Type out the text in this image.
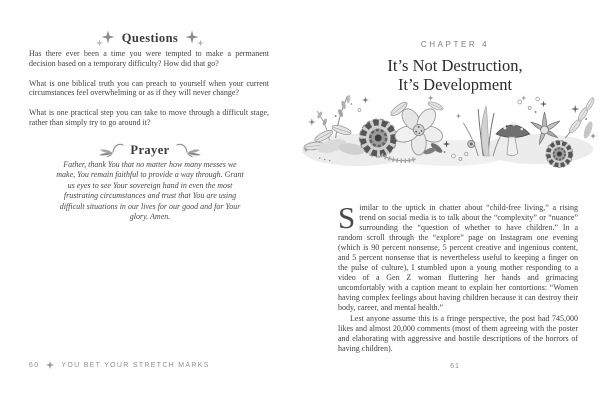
Questions

Has there ever been a time you were tempted to make a permanent decision based on a temporary difficulty? How did that go?

What is one biblical truth you can preach to yourself when your current circumstances feel overwhelming or as if they will never change?

What is one practical step you can take to move through a difficult stage, rather than simply try to go around it?

Prayer

Father, thank You that no matter how many messes we make, You remain faithful to provide a way through. Grant us eyes to see Your sovereign hand in even the most frustrating circumstances and trust that You are using difficult situations in our lives for our good and for Your glory. Amen.

60	YOU BET YOUR STRETCH MARKS
CHAPTER 4
It’s Not Destruction,
It’s Development

Similar to the uptick in chatter about “child-free living,” a rising trend on social media is to talk about the “complexity” or “nuance” surrounding the “question of whether to have children.” In a random scroll through the “explore” page on Instagram one evening (which is 90 percent nonsense, 5 percent creative and ingenious content, and 5 percent nonsense that is nevertheless useful to keeping a finger on the pulse of culture), I stumbled upon a young mother responding to a video of a Gen Z woman fluttering her hands and grimacing uncomfortably with a caption meant to explain her contortions: “Women having complex feelings about having children because it can destroy their body, career, and mental health.”

Lest anyone assume this is a fringe perspective, the post had 745,000 likes and almost 20,000 comments (most of them agreeing with the poster and elaborating with aggressive and hostile descriptions of the horrors of having children).

61
